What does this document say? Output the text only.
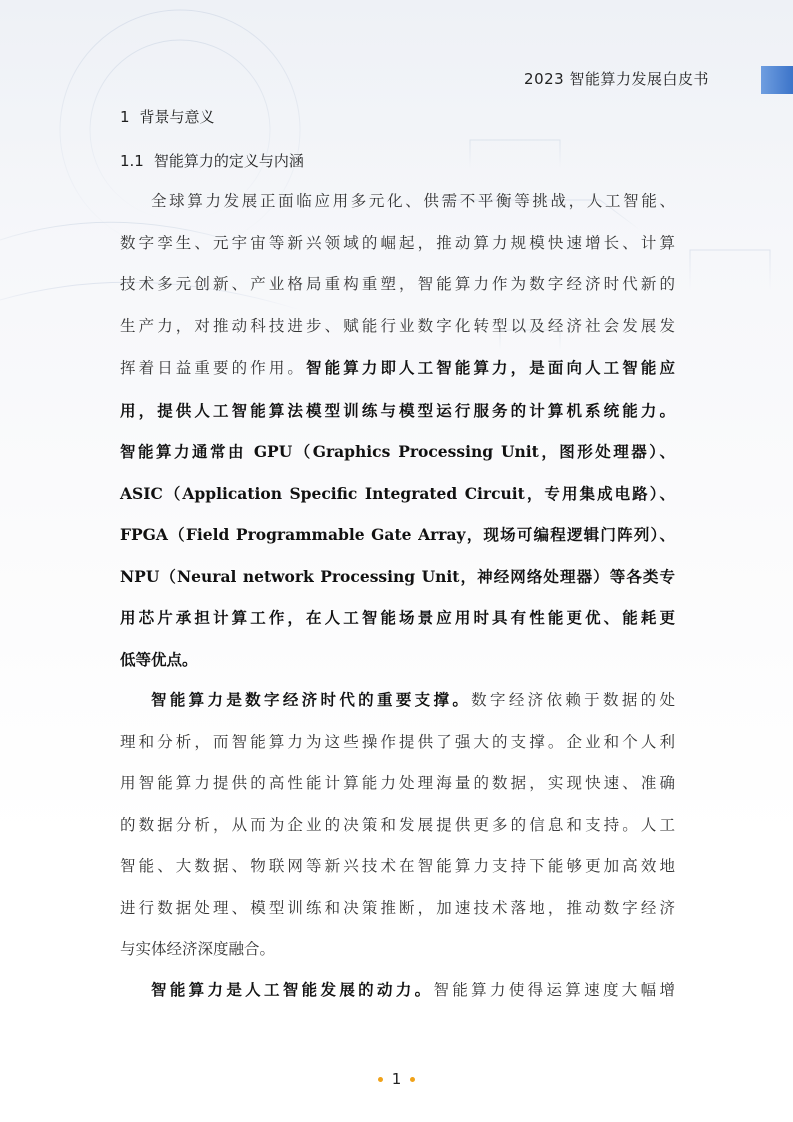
2023 智能算力发展白皮书
1 背景与意义
1.1 智能算力的定义与内涵
全球算力发展正面临应用多元化、供需不平衡等挑战，人工智能、
数字孪生、元宇宙等新兴领域的崛起，推动算力规模快速增长、计算
技术多元创新、产业格局重构重塑，智能算力作为数字经济时代新的
生产力，对推动科技进步、赋能行业数字化转型以及经济社会发展发
挥着日益重要的作用。智能算力即人工智能算力，是面向人工智能应
用，提供人工智能算法模型训练与模型运行服务的计算机系统能力。
智能算力通常由 GPU（Graphics Processing Unit，图形处理器）、
ASIC（Application Specific Integrated Circuit，专用集成电路）、
FPGA（Field Programmable Gate Array，现场可编程逻辑门阵列）、
NPU（Neural network Processing Unit，神经网络处理器）等各类专
用芯片承担计算工作，在人工智能场景应用时具有性能更优、能耗更
低等优点。
智能算力是数字经济时代的重要支撑。数字经济依赖于数据的处
理和分析，而智能算力为这些操作提供了强大的支撑。企业和个人利
用智能算力提供的高性能计算能力处理海量的数据，实现快速、准确
的数据分析，从而为企业的决策和发展提供更多的信息和支持。人工
智能、大数据、物联网等新兴技术在智能算力支持下能够更加高效地
进行数据处理、模型训练和决策推断，加速技术落地，推动数字经济
与实体经济深度融合。
智能算力是人工智能发展的动力。智能算力使得运算速度大幅增
1
